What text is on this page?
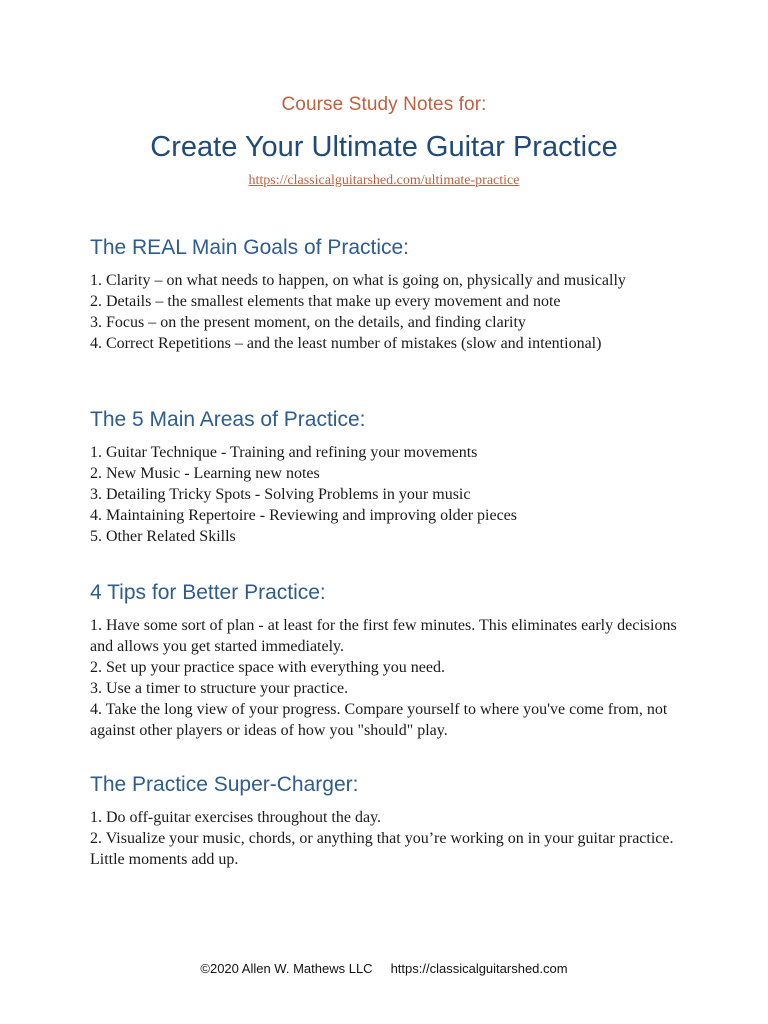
Course Study Notes for:
Create Your Ultimate Guitar Practice
https://classicalguitarshed.com/ultimate-practice
The REAL Main Goals of Practice:
1. Clarity – on what needs to happen, on what is going on, physically and musically
2. Details – the smallest elements that make up every movement and note
3. Focus – on the present moment, on the details, and finding clarity
4. Correct Repetitions – and the least number of mistakes (slow and intentional)
The 5 Main Areas of Practice:
1. Guitar Technique - Training and refining your movements
2. New Music - Learning new notes
3. Detailing Tricky Spots - Solving Problems in your music
4. Maintaining Repertoire - Reviewing and improving older pieces
5. Other Related Skills
4 Tips for Better Practice:
1. Have some sort of plan - at least for the first few minutes. This eliminates early decisions and allows you get started immediately.
2. Set up your practice space with everything you need.
3. Use a timer to structure your practice.
4. Take the long view of your progress. Compare yourself to where you've come from, not against other players or ideas of how you "should" play.
The Practice Super-Charger:
1. Do off-guitar exercises throughout the day.
2. Visualize your music, chords, or anything that you’re working on in your guitar practice. Little moments add up.
©2020 Allen W. Mathews LLC https://classicalguitarshed.com
